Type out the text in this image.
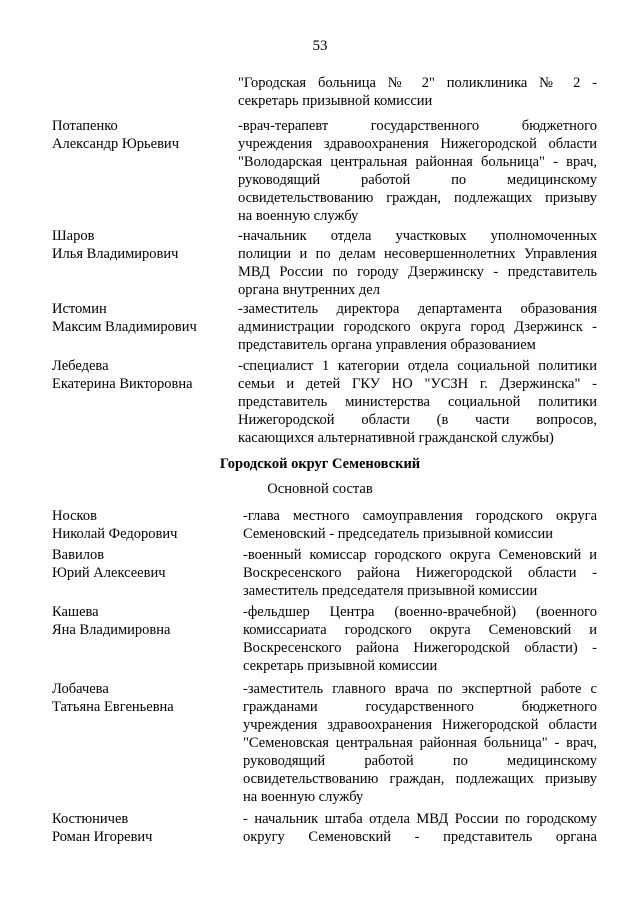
53
"Городская больница № 2" поликлиника № 2 -
секретарь призывной комиссии
Потапенко
Александр Юрьевич
-врач-терапевт государственного бюджетного
учреждения здравоохранения Нижегородской области
"Володарская центральная районная больница" - врач,
руководящий работой по медицинскому
освидетельствованию граждан, подлежащих призыву
на военную службу
Шаров
Илья Владимирович
-начальник отдела участковых уполномоченных
полиции и по делам несовершеннолетних Управления
МВД России по городу Дзержинску - представитель
органа внутренних дел
Истомин
Максим Владимирович
-заместитель директора департамента образования
администрации городского округа город Дзержинск -
представитель органа управления образованием
Лебедева
Екатерина Викторовна
-специалист 1 категории отдела социальной политики
семьи и детей ГКУ НО "УСЗН г. Дзержинска" -
представитель министерства социальной политики
Нижегородской области (в части вопросов,
касающихся альтернативной гражданской службы)
Городской округ Семеновский
Основной состав
Носков
Николай Федорович
-глава местного самоуправления городского округа
Семеновский - председатель призывной комиссии
Вавилов
Юрий Алексеевич
-военный комиссар городского округа Семеновский и
Воскресенского района Нижегородской области -
заместитель председателя призывной комиссии
Кашева
Яна Владимировна
-фельдшер Центра (военно-врачебной) (военного
комиссариата городского округа Семеновский и
Воскресенского района Нижегородской области) -
секретарь призывной комиссии
Лобачева
Татьяна Евгеньевна
-заместитель главного врача по экспертной работе с
гражданами государственного бюджетного
учреждения здравоохранения Нижегородской области
"Семеновская центральная районная больница" - врач,
руководящий работой по медицинскому
освидетельствованию граждан, подлежащих призыву
на военную службу
Костюничев
Роман Игоревич
- начальник штаба отдела МВД России по городскому
округу Семеновский - представитель органа
